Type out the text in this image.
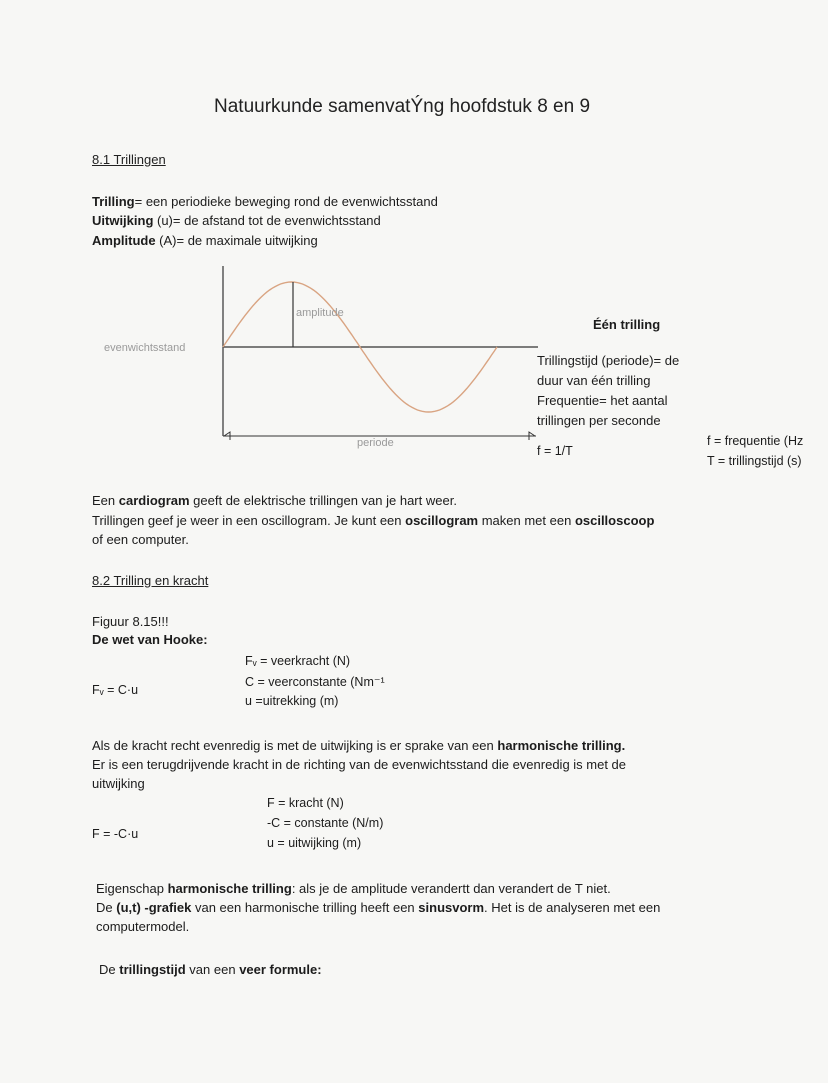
Natuurkunde samenvatÝng hoofdstuk 8 en 9
8.1 Trillingen
Trilling= een periodieke beweging rond de evenwichtsstand
Uitwijking (u)= de afstand tot de evenwichtsstand
Amplitude (A)= de maximale uitwijking
amplitude
evenwichtsstand
periode
Één trilling
Trillingstijd (periode)= de
duur van één trilling
Frequentie= het aantal
trillingen per seconde
f = 1/T
f = frequentie (Hz
T = trillingstijd (s)
Een cardiogram geeft de elektrische trillingen van je hart weer.
Trillingen geef je weer in een oscillogram. Je kunt een oscillogram maken met een oscilloscoop
of een computer.
8.2 Trilling en kracht
Figuur 8.15!!!
De wet van Hooke:
Fᵥ = C·u
Fᵥ = veerkracht (N)
C = veerconstante (Nm⁻¹
u =uitrekking (m)
Als de kracht recht evenredig is met de uitwijking is er sprake van een harmonische trilling.
Er is een terugdrijvende kracht in de richting van de evenwichtsstand die evenredig is met de
uitwijking
F = -C·u
F = kracht (N)
-C = constante (N/m)
u = uitwijking (m)
Eigenschap harmonische trilling: als je de amplitude verandertt dan verandert de T niet.
De (u,t) -grafiek van een harmonische trilling heeft een sinusvorm. Het is de analyseren met een
computermodel.
De trillingstijd van een veer formule:
